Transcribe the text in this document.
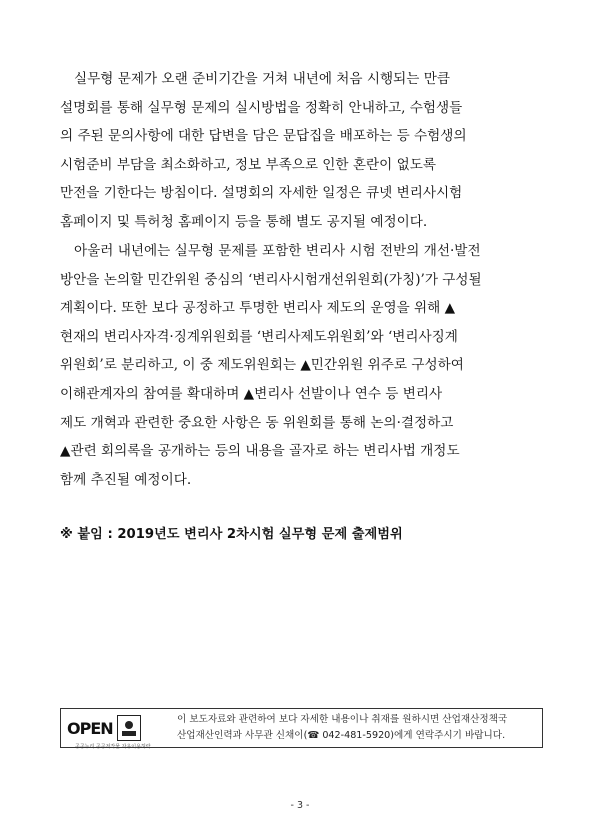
실무형 문제가 오랜 준비기간을 거쳐 내년에 처음 시행되는 만큼
설명회를 통해 실무형 문제의 실시방법을 정확히 안내하고, 수험생들
의 주된 문의사항에 대한 답변을 담은 문답집을 배포하는 등 수험생의
시험준비 부담을 최소화하고, 정보 부족으로 인한 혼란이 없도록
만전을 기한다는 방침이다. 설명회의 자세한 일정은 큐넷 변리사시험
홈페이지 및 특허청 홈페이지 등을 통해 별도 공지될 예정이다.
아울러 내년에는 실무형 문제를 포함한 변리사 시험 전반의 개선·발전
방안을 논의할 민간위원 중심의 ‘변리사시험개선위원회(가칭)’가 구성될
계획이다. 또한 보다 공정하고 투명한 변리사 제도의 운영을 위해 ▲
현재의 변리사자격·징계위원회를 ‘변리사제도위원회’와 ‘변리사징계
위원회’로 분리하고, 이 중 제도위원회는 ▲민간위원 위주로 구성하여
이해관계자의 참여를 확대하며 ▲변리사 선발이나 연수 등 변리사
제도 개혁과 관련한 중요한 사항은 동 위원회를 통해 논의·결정하고
▲관련 회의록을 공개하는 등의 내용을 골자로 하는 변리사법 개정도
함께 추진될 예정이다.
※ 붙임 : 2019년도 변리사 2차시험 실무형 문제 출제범위
OPEN
공공누리 공공저작물 자유이용허락
이 보도자료와 관련하여 보다 자세한 내용이나 취재를 원하시면 산업재산정책국
산업재산인력과 사무관 신채이(☎ 042-481-5920)에게 연락주시기 바랍니다.
- 3 -
